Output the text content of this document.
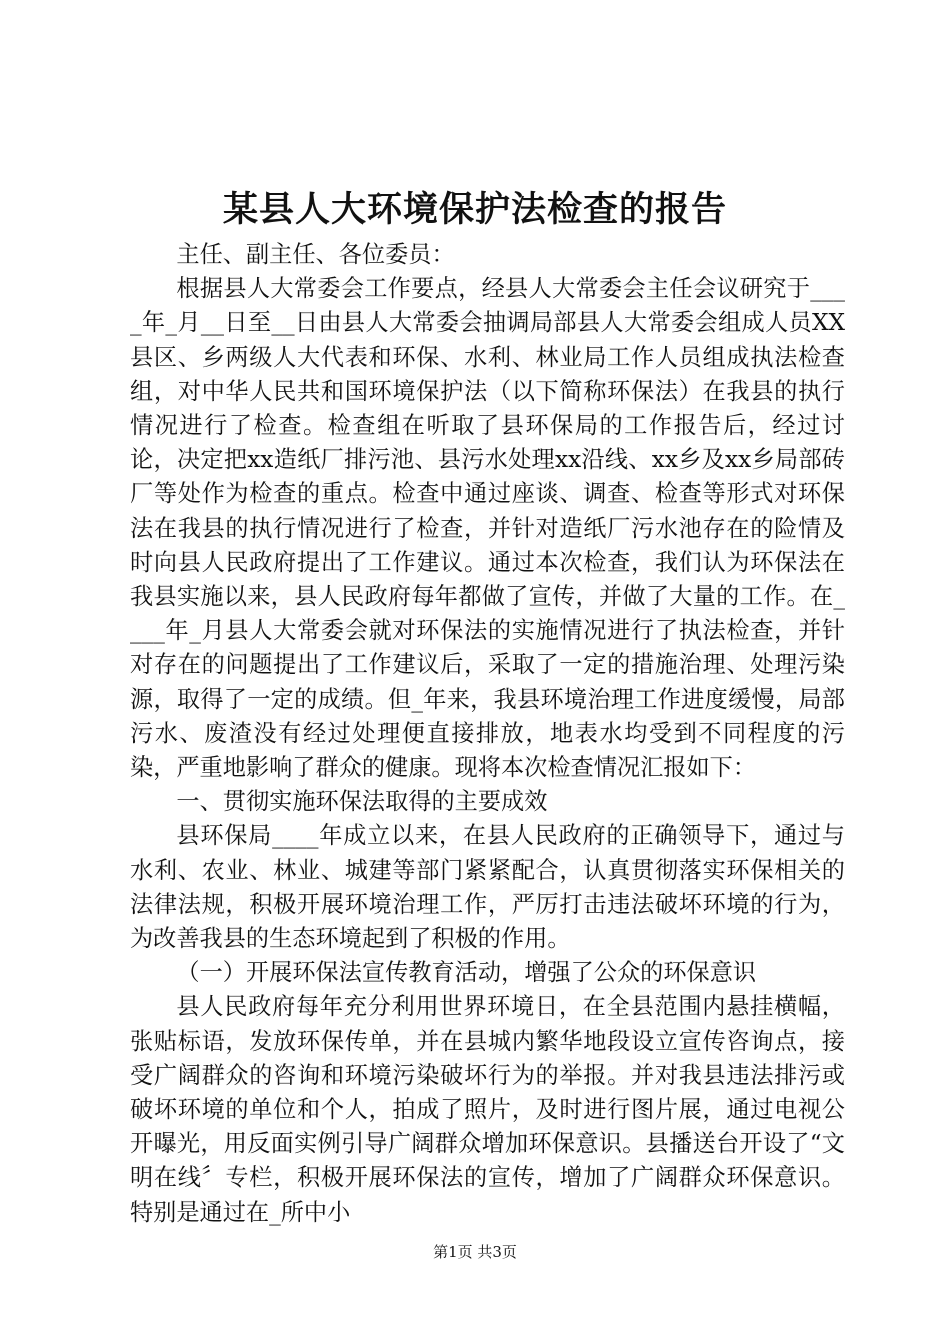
某县人大环境保护法检查的报告

主任、副主任、各位委员：

根据县人大常委会工作要点，经县人大常委会主任会议研究于____年_月__日至__日由县人大常委会抽调局部县人大常委会组成人员XX县区、乡两级人大代表和环保、水利、林业局工作人员组成执法检查组，对中华人民共和国环境保护法（以下简称环保法）在我县的执行情况进行了检查。检查组在听取了县环保局的工作报告后，经过讨论，决定把xx造纸厂排污池、县污水处理xx沿线、xx乡及xx乡局部砖厂等处作为检查的重点。检查中通过座谈、调查、检查等形式对环保法在我县的执行情况进行了检查，并针对造纸厂污水池存在的险情及时向县人民政府提出了工作建议。通过本次检查，我们认为环保法在我县实施以来，县人民政府每年都做了宣传，并做了大量的工作。在____年_月县人大常委会就对环保法的实施情况进行了执法检查，并针对存在的问题提出了工作建议后，采取了一定的措施治理、处理污染源，取得了一定的成绩。但_年来，我县环境治理工作进度缓慢，局部污水、废渣没有经过处理便直接排放，地表水均受到不同程度的污染，严重地影响了群众的健康。现将本次检查情况汇报如下：

一、贯彻实施环保法取得的主要成效

县环保局____年成立以来，在县人民政府的正确领导下，通过与水利、农业、林业、城建等部门紧紧配合，认真贯彻落实环保相关的法律法规，积极开展环境治理工作，严厉打击违法破坏环境的行为，为改善我县的生态环境起到了积极的作用。

（一）开展环保法宣传教育活动，增强了公众的环保意识

县人民政府每年充分利用世界环境日，在全县范围内悬挂横幅，张贴标语，发放环保传单，并在县城内繁华地段设立宣传咨询点，接受广阔群众的咨询和环境污染破坏行为的举报。并对我县违法排污或破坏环境的单位和个人，拍成了照片，及时进行图片展，通过电视公开曝光，用反面实例引导广阔群众增加环保意识。县播送台开设了“文明在线〞专栏，积极开展环保法的宣传，增加了广阔群众环保意识。特别是通过在_所中小

第1页 共3页
